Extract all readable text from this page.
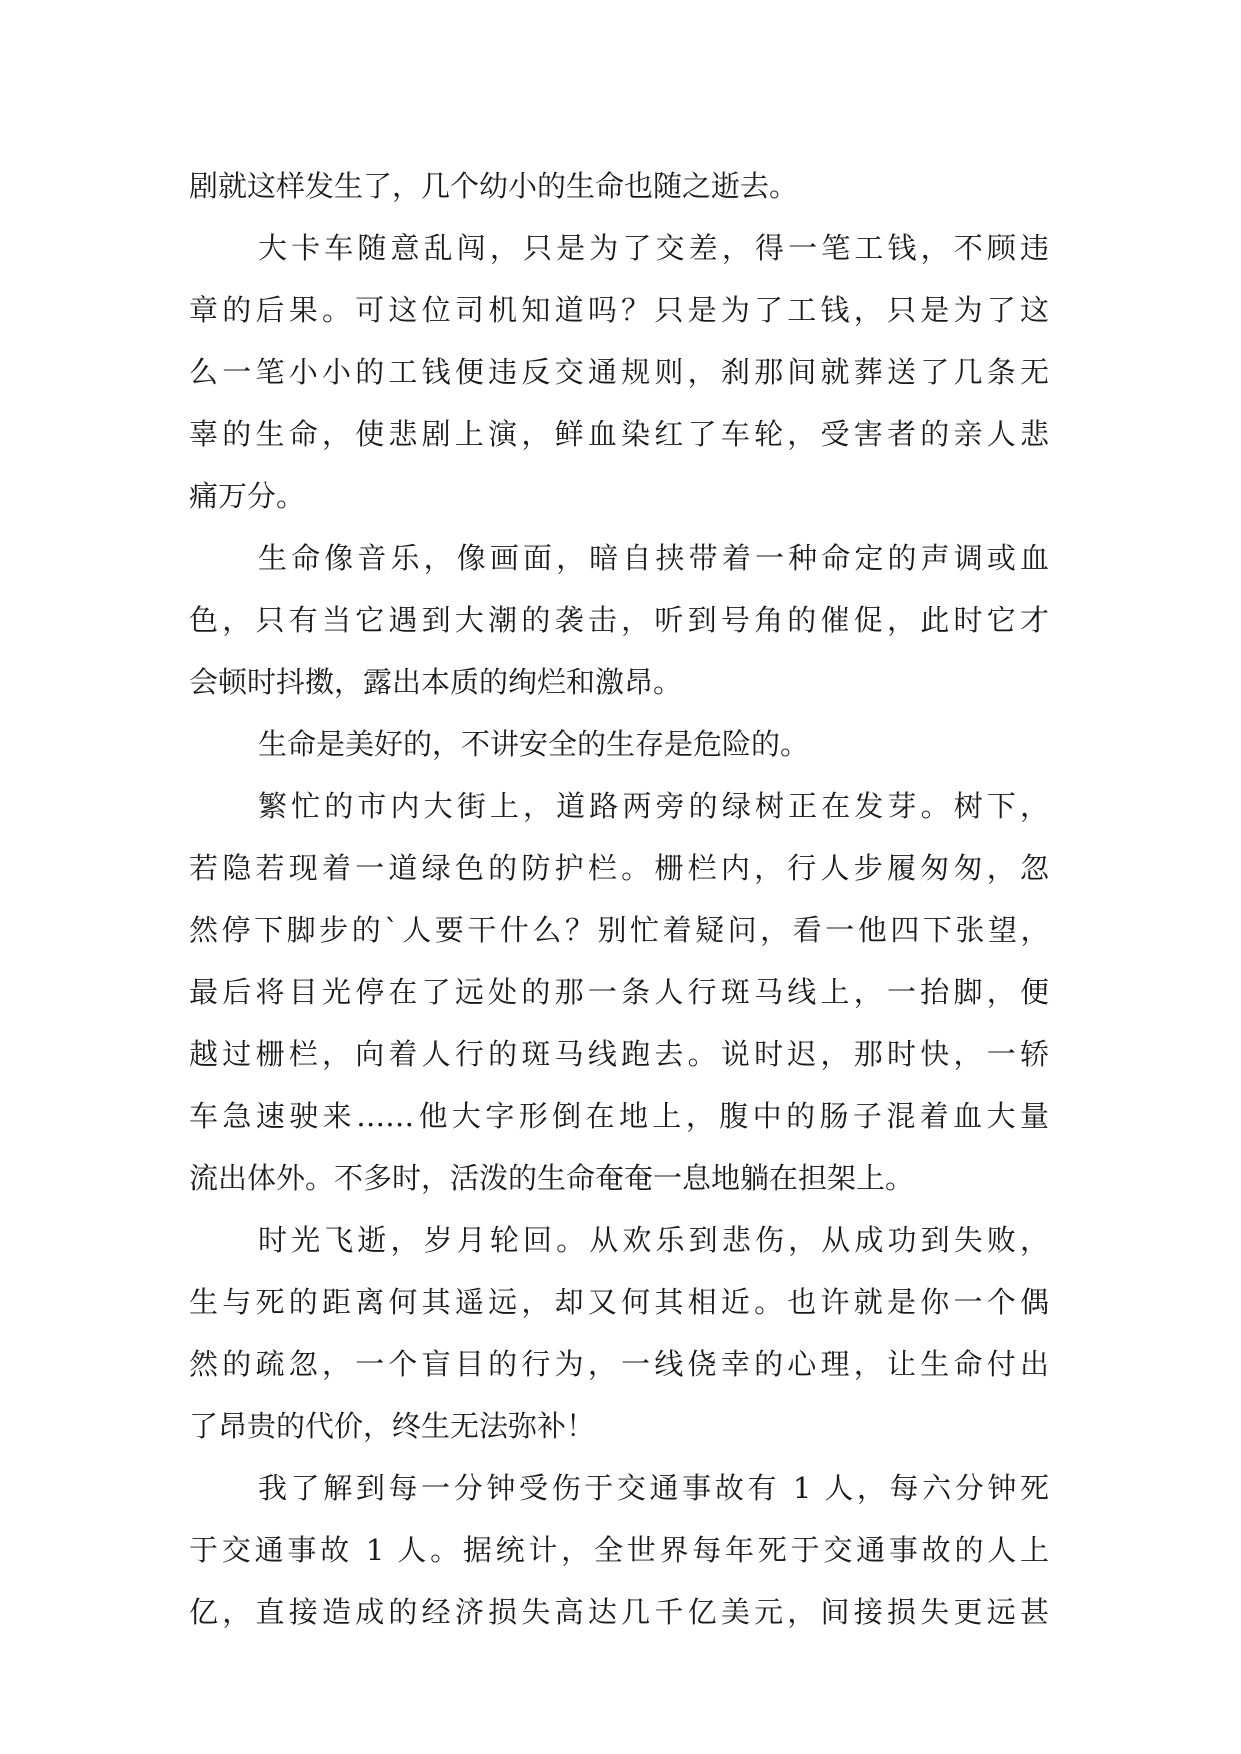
剧就这样发生了，几个幼小的生命也随之逝去。
大卡车随意乱闯，只是为了交差，得一笔工钱，不顾违
章的后果。可这位司机知道吗？只是为了工钱，只是为了这
么一笔小小的工钱便违反交通规则，刹那间就葬送了几条无
辜的生命，使悲剧上演，鲜血染红了车轮，受害者的亲人悲
痛万分。
生命像音乐，像画面，暗自挟带着一种命定的声调或血
色，只有当它遇到大潮的袭击，听到号角的催促，此时它才
会顿时抖擞，露出本质的绚烂和激昂。
生命是美好的，不讲安全的生存是危险的。
繁忙的市内大街上，道路两旁的绿树正在发芽。树下，
若隐若现着一道绿色的防护栏。栅栏内，行人步履匆匆，忽
然停下脚步的`人要干什么？别忙着疑问，看一他四下张望，
最后将目光停在了远处的那一条人行斑马线上，一抬脚，便
越过栅栏，向着人行的斑马线跑去。说时迟，那时快，一轿
车急速驶来……他大字形倒在地上，腹中的肠子混着血大量
流出体外。不多时，活泼的生命奄奄一息地躺在担架上。
时光飞逝，岁月轮回。从欢乐到悲伤，从成功到失败，
生与死的距离何其遥远，却又何其相近。也许就是你一个偶
然的疏忽，一个盲目的行为，一线侥幸的心理，让生命付出
了昂贵的代价，终生无法弥补！
我了解到每一分钟受伤于交通事故有 1 人，每六分钟死
于交通事故 1 人。据统计，全世界每年死于交通事故的人上
亿，直接造成的经济损失高达几千亿美元，间接损失更远甚
